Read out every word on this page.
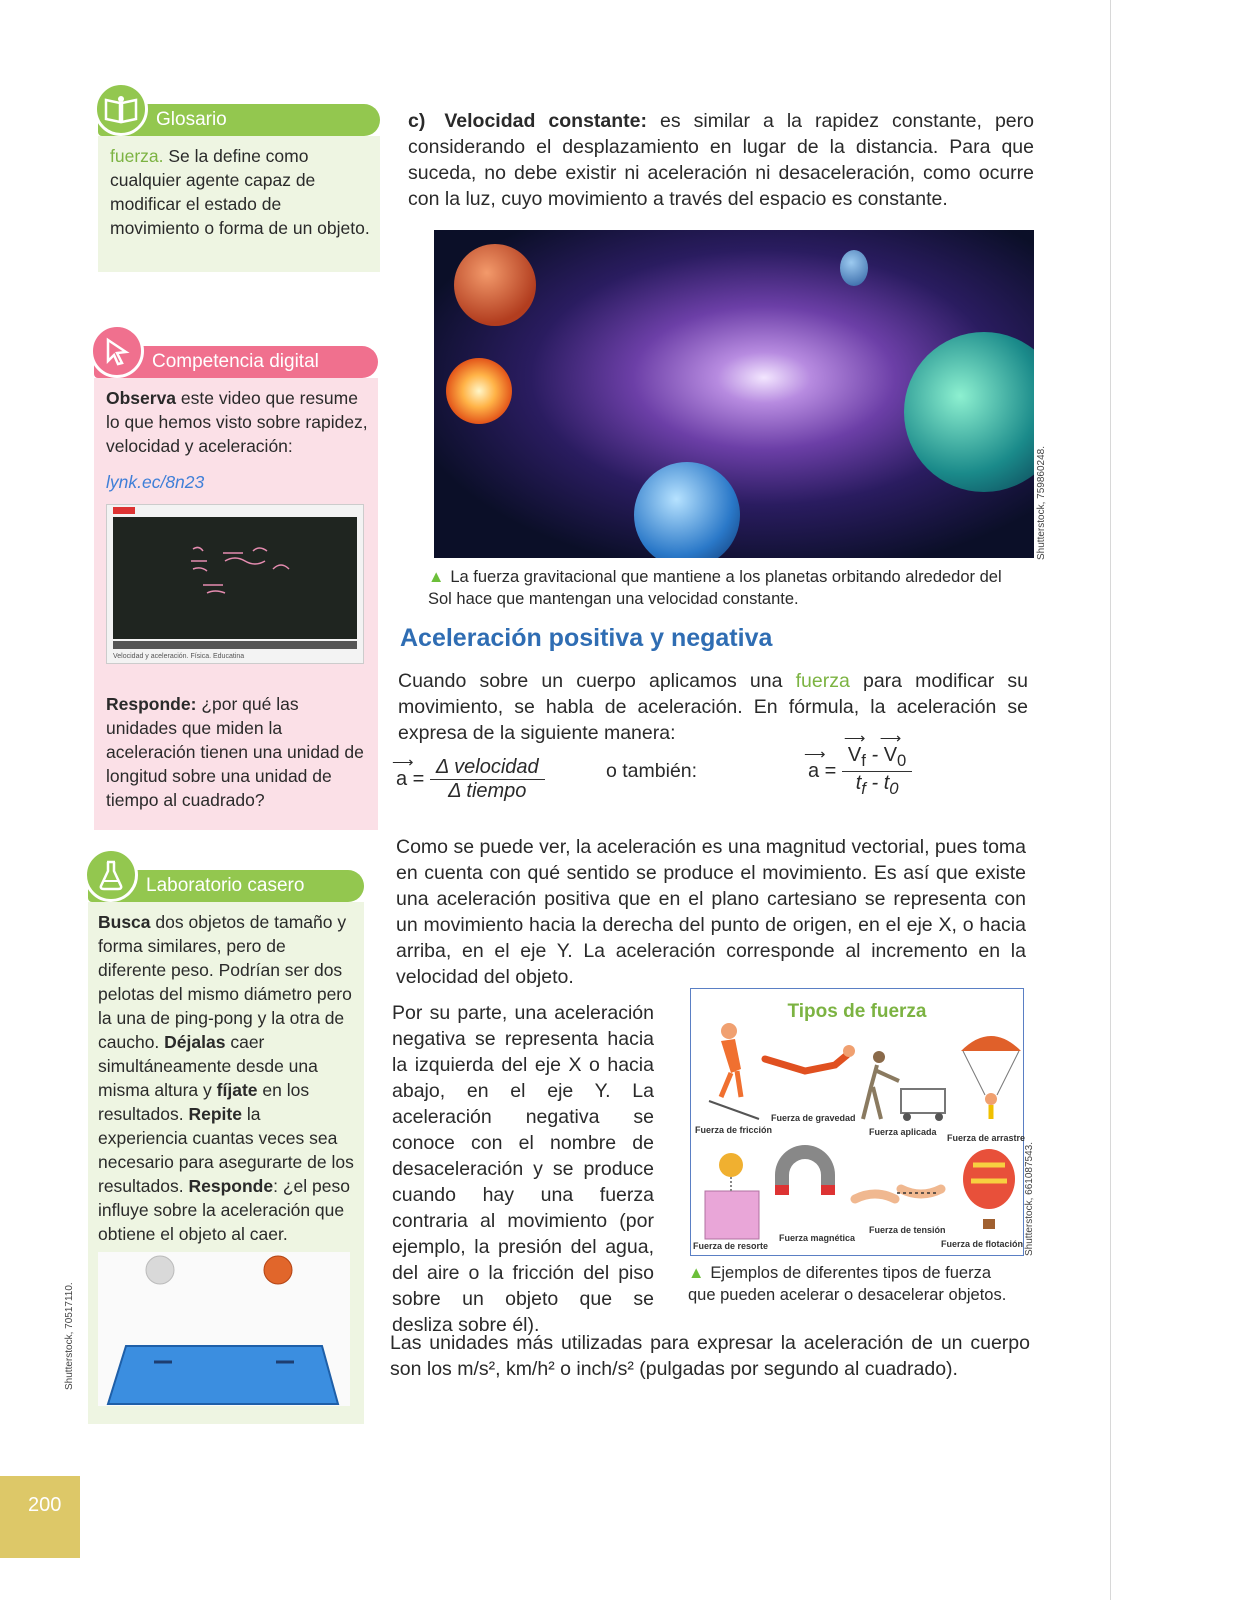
Glosario
fuerza. Se la define como cualquier agente capaz de modificar el estado de movimiento o forma de un objeto.
Competencia digital
Observa este video que resume lo que hemos visto sobre rapidez, velocidad y aceleración:
lynk.ec/8n23
Velocidad y aceleración. Física. Educatina
Responde: ¿por qué las unidades que miden la aceleración tienen una unidad de longitud sobre una unidad de tiempo al cuadrado?
Laboratorio casero
Busca dos objetos de tamaño y forma similares, pero de diferente peso. Podrían ser dos pelotas del mismo diámetro pero la una de ping-pong y la otra de caucho. Déjalas caer simultáneamente desde una misma altura y fíjate en los resultados. Repite la experiencia cuantas veces sea necesario para asegurarte de los resultados. Responde: ¿el peso influye sobre la aceleración que obtiene el objeto al caer.
Shutterstock, 70517110.
c) Velocidad constante: es similar a la rapidez constante, pero considerando el desplazamiento en lugar de la distancia. Para que suceda, no debe existir ni aceleración ni desaceleración, como ocurre con la luz, cuyo movimiento a través del espacio es constante.
Shutterstock, 759860248.
▲ La fuerza gravitacional que mantiene a los planetas orbitando alrededor del Sol hace que mantengan una velocidad constante.
Aceleración positiva y negativa
Cuando sobre un cuerpo aplicamos una fuerza para modificar su movimiento, se habla de aceleración. En fórmula, la aceleración se expresa de la siguiente manera:
⟶ $a = \frac{\text{Δ velocidad}}{\text{Δ tiempo}}$	o también:	⟶ a = ⟶ $\frac{V_f - ⟶ V_0}{t_f - t_0}$
Como se puede ver, la aceleración es una magnitud vectorial, pues toma en cuenta con qué sentido se produce el movimiento. Es así que existe una aceleración positiva que en el plano cartesiano se representa con un movimiento hacia la derecha del punto de origen, en el eje X, o hacia arriba, en el eje Y. La aceleración corresponde al incremento en la velocidad del objeto.
Por su parte, una aceleración negativa se representa hacia la izquierda del eje X o hacia abajo, en el eje Y. La aceleración negativa se conoce con el nombre de desaceleración y se produce cuando hay una fuerza contraria al movimiento (por ejemplo, la presión del agua, del aire o la fricción del piso sobre un objeto que se desliza sobre él).
Tipos de fuerza
Fuerza de fricción
Fuerza de gravedad
Fuerza aplicada
Fuerza de arrastre
Fuerza de resorte
Fuerza magnética
Fuerza de tensión
Fuerza de flotación Shutterstock, 661087543.
▲ Ejemplos de diferentes tipos de fuerza que pueden acelerar o desacelerar objetos.
Las unidades más utilizadas para expresar la aceleración de un cuerpo son los m/s², km/h² o inch/s² (pulgadas por segundo al cuadrado).
200
